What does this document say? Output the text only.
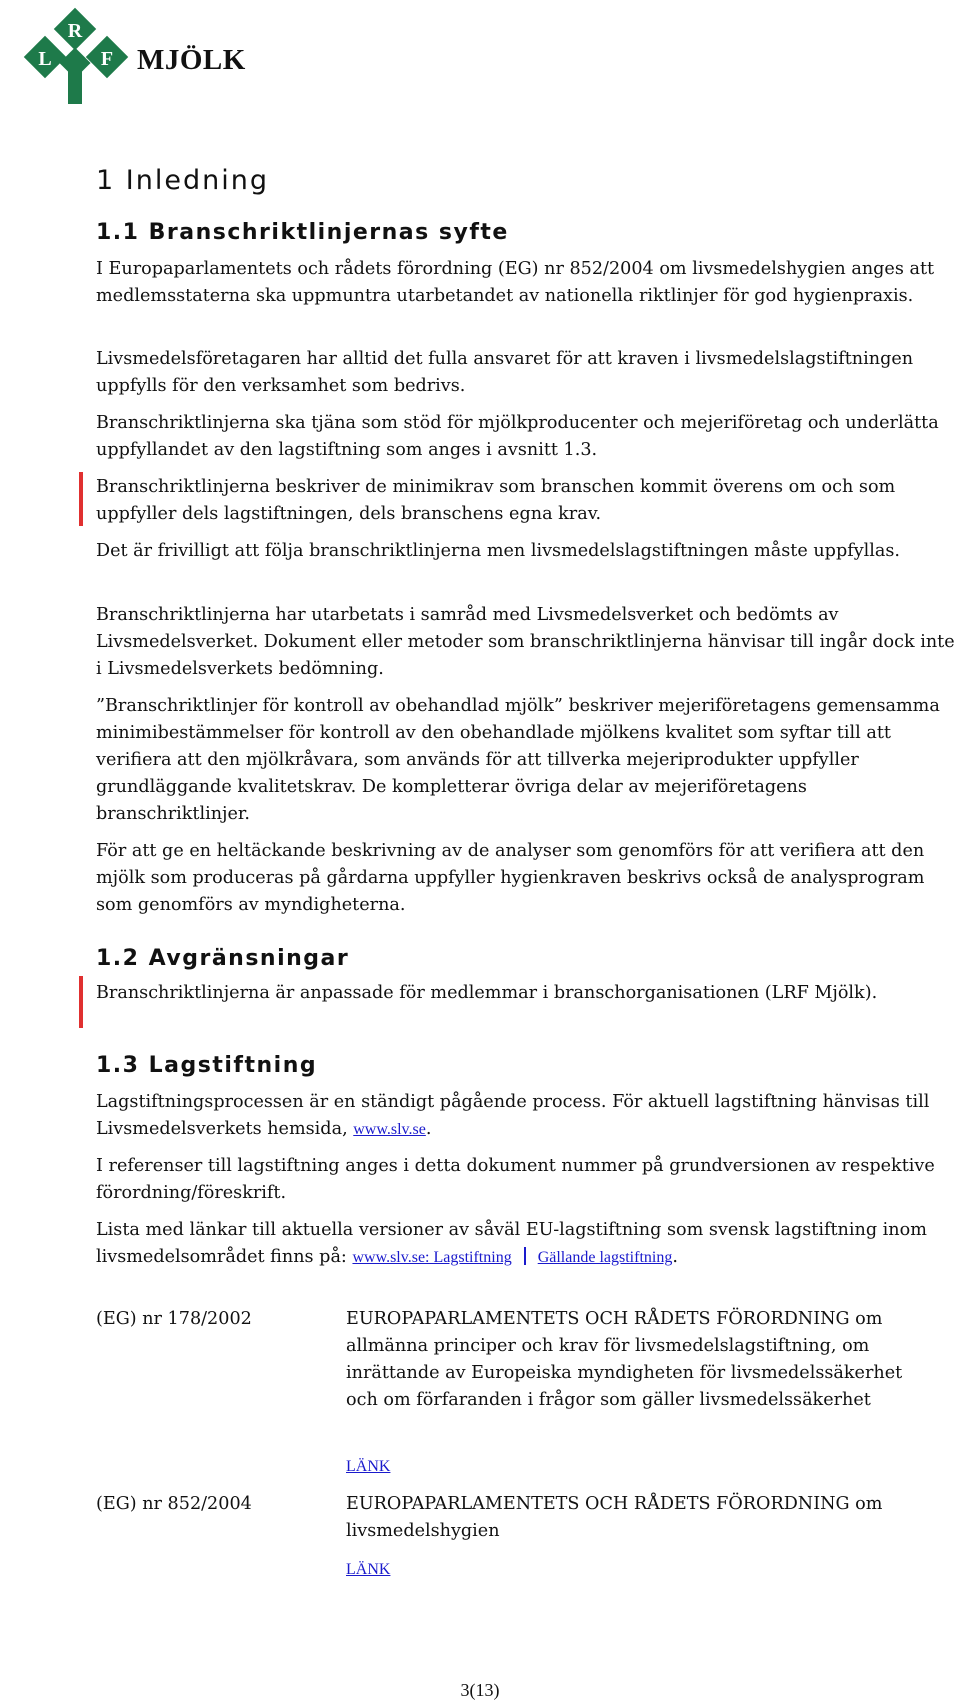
R
L F MJÖLK
1 Inledning
1.1 Branschriktlinjernas syfte

I Europaparlamentets och rådets förordning (EG) nr 852/2004 om livsmedelshygien anges att medlemsstaterna ska uppmuntra utarbetandet av nationella riktlinjer för god hygienpraxis.

Livsmedelsföretagaren har alltid det fulla ansvaret för att kraven i livsmedelslagstiftningen uppfylls för den verksamhet som bedrivs.

Branschriktlinjerna ska tjäna som stöd för mjölkproducenter och mejeriföretag och underlätta uppfyllandet av den lagstiftning som anges i avsnitt 1.3.

Branschriktlinjerna beskriver de minimikrav som branschen kommit överens om och som uppfyller dels lagstiftningen, dels branschens egna krav.

Det är frivilligt att följa branschriktlinjerna men livsmedelslagstiftningen måste uppfyllas.

Branschriktlinjerna har utarbetats i samråd med Livsmedelsverket och bedömts av Livsmedelsverket. Dokument eller metoder som branschriktlinjerna hänvisar till ingår dock inte i Livsmedelsverkets bedömning.

”Branschriktlinjer för kontroll av obehandlad mjölk” beskriver mejeriföretagens gemensamma minimibestämmelser för kontroll av den obehandlade mjölkens kvalitet som syftar till att verifiera att den mjölkråvara, som används för att tillverka mejeriprodukter uppfyller grundläggande kvalitetskrav. De kompletterar övriga delar av mejeriföretagens branschriktlinjer.

För att ge en heltäckande beskrivning av de analyser som genomförs för att verifiera att den mjölk som produceras på gårdarna uppfyller hygienkraven beskrivs också de analysprogram som genomförs av myndigheterna.

1.2 Avgränsningar

Branschriktlinjerna är anpassade för medlemmar i branschorganisationen (LRF Mjölk).

1.3 Lagstiftning

Lagstiftningsprocessen är en ständigt pågående process. För aktuell lagstiftning hänvisas till Livsmedelsverkets hemsida, www.slv.se.

I referenser till lagstiftning anges i detta dokument nummer på grundversionen av respektive förordning/föreskrift.

Lista med länkar till aktuella versioner av såväl EU-lagstiftning som svensk lagstiftning inom livsmedelsområdet finns på: www.slv.se: Lagstiftning Gällande lagstiftning.

(EG) nr 178/2002	EUROPAPARLAMENTETS OCH RÅDETS FÖRORDNING om allmänna principer och krav för livsmedelslagstiftning, om inrättande av Europeiska myndigheten för livsmedelssäkerhet och om förfaranden i frågor som gäller livsmedelssäkerhet
LÄNK
(EG) nr 852/2004	EUROPAPARLAMENTETS OCH RÅDETS FÖRORDNING om livsmedelshygien
LÄNK
3(13)
